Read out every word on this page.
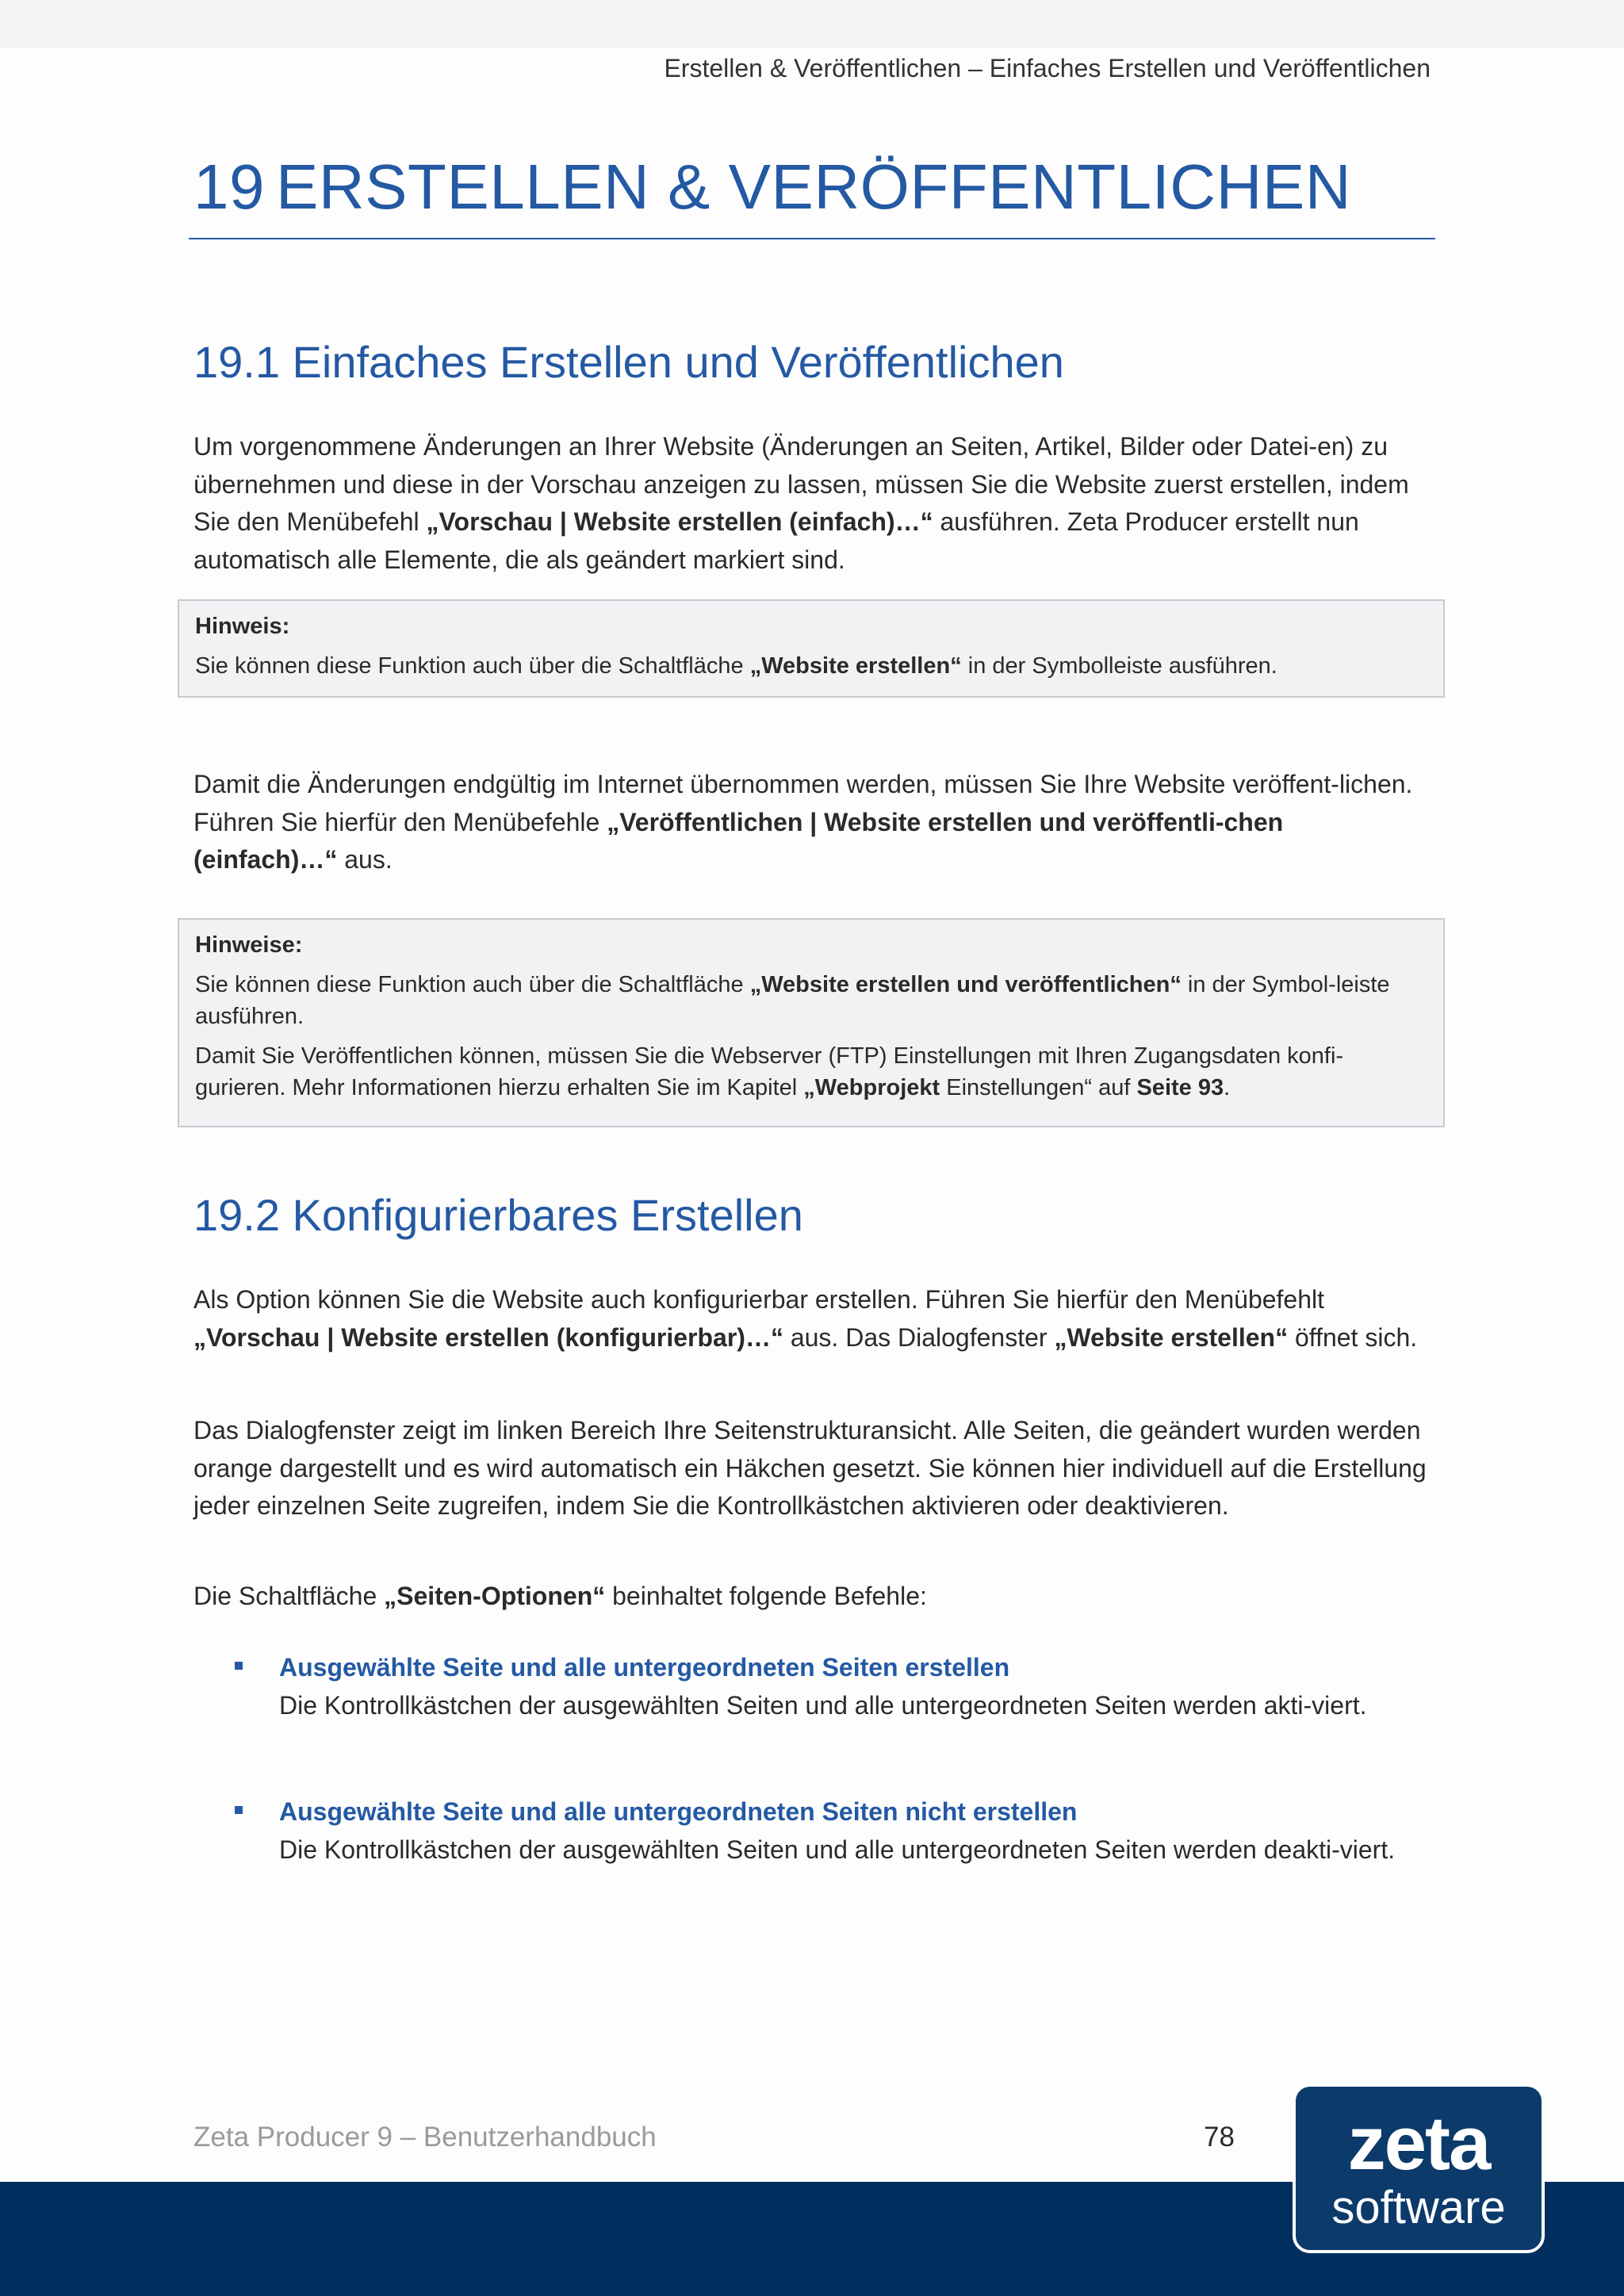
Erstellen & Veröffentlichen – Einfaches Erstellen und Veröffentlichen
19 ERSTELLEN & VERÖFFENTLICHEN
19.1 Einfaches Erstellen und Veröffentlichen

Um vorgenommene Änderungen an Ihrer Website (Änderungen an Seiten, Artikel, Bilder oder Datei-en) zu übernehmen und diese in der Vorschau anzeigen zu lassen, müssen Sie die Website zuerst erstellen, indem Sie den Menübefehl „Vorschau | Website erstellen (einfach)…“ ausführen. Zeta Producer erstellt nun automatisch alle Elemente, die als geändert markiert sind.

Hinweis:

Sie können diese Funktion auch über die Schaltfläche „Website erstellen“ in der Symbolleiste ausführen.

Damit die Änderungen endgültig im Internet übernommen werden, müssen Sie Ihre Website veröffent-lichen. Führen Sie hierfür den Menübefehle „Veröffentlichen | Website erstellen und veröffentli-chen (einfach)…“ aus.

Hinweise:

Sie können diese Funktion auch über die Schaltfläche „Website erstellen und veröffentlichen“ in der Symbol-leiste ausführen.

Damit Sie Veröffentlichen können, müssen Sie die Webserver (FTP) Einstellungen mit Ihren Zugangsdaten konfi-gurieren. Mehr Informationen hierzu erhalten Sie im Kapitel „Webprojekt Einstellungen“ auf Seite 93.

19.2 Konfigurierbares Erstellen

Als Option können Sie die Website auch konfigurierbar erstellen. Führen Sie hierfür den Menübefehlt „Vorschau | Website erstellen (konfigurierbar)…“ aus. Das Dialogfenster „Website erstellen“ öffnet sich.

Das Dialogfenster zeigt im linken Bereich Ihre Seitenstrukturansicht. Alle Seiten, die geändert wurden werden orange dargestellt und es wird automatisch ein Häkchen gesetzt. Sie können hier individuell auf die Erstellung jeder einzelnen Seite zugreifen, indem Sie die Kontrollkästchen aktivieren oder deaktivieren.

Die Schaltfläche „Seiten-Optionen“ beinhaltet folgende Befehle:

Ausgewählte Seite und alle untergeordneten Seiten erstellen
Die Kontrollkästchen der ausgewählten Seiten und alle untergeordneten Seiten werden akti-viert.
Ausgewählte Seite und alle untergeordneten Seiten nicht erstellen
Die Kontrollkästchen der ausgewählten Seiten und alle untergeordneten Seiten werden deakti-viert.
Zeta Producer 9 – Benutzerhandbuch	78 zeta
software
